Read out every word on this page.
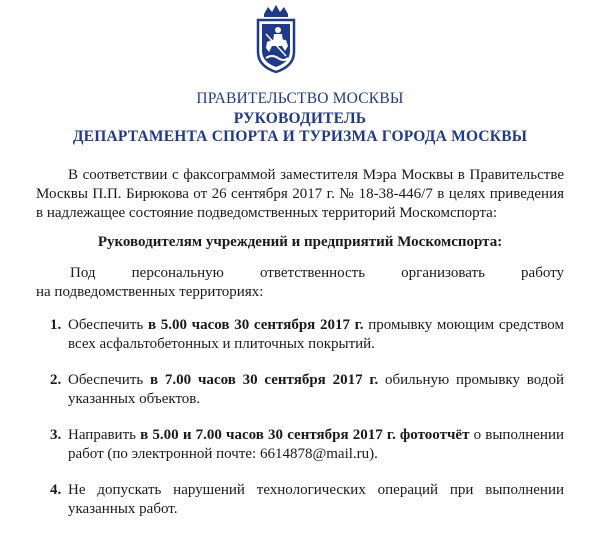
ПРАВИТЕЛЬСТВО МОСКВЫ
РУКОВОДИТЕЛЬ
ДЕПАРТАМЕНТА СПОРТА И ТУРИЗМА ГОРОДА МОСКВЫ
В соответствии с факсограммой заместителя Мэра Москвы в Правительстве Москвы П.П. Бирюкова от 26 сентября 2017 г. № 18-38-446/7 в целях приведения в надлежащее состояние подведомственных территорий Москомспорта:
Руководителям учреждений и предприятий Москомспорта:
Под персональную ответственность организовать работу
на подведомственных территориях:
1. Обеспечить в 5.00 часов 30 сентября 2017 г. промывку моющим средством всех асфальтобетонных и плиточных покрытий.
2. Обеспечить в 7.00 часов 30 сентября 2017 г. обильную промывку водой указанных объектов.
3. Направить в 5.00 и 7.00 часов 30 сентября 2017 г. фотоотчёт о выполнении работ (по электронной почте: 6614878@mail.ru).
4. Не допускать нарушений технологических операций при выполнении указанных работ.
